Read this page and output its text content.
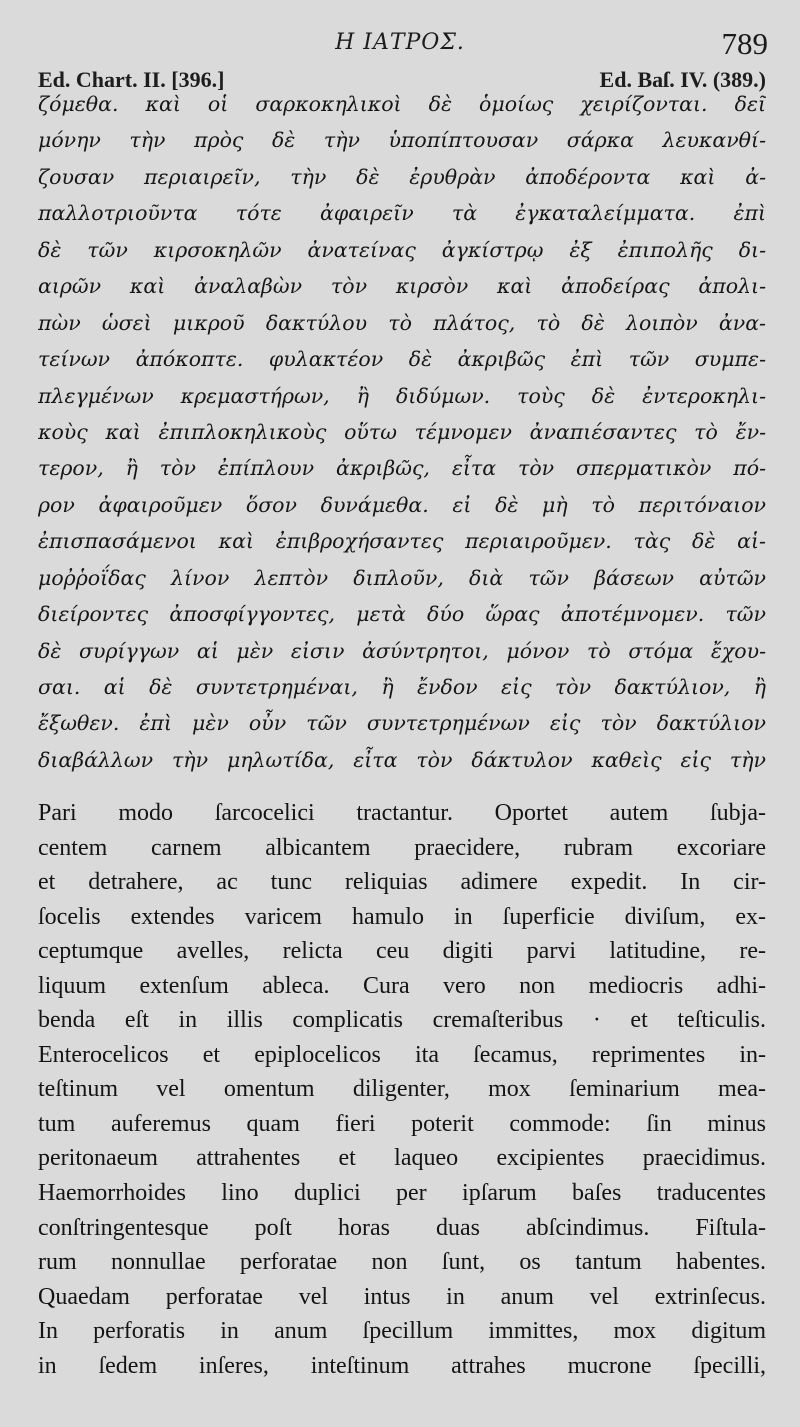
Η ΙΑΤΡΟΣ.	789
Ed. Chart. II. [396.]	Ed. Baſ. IV. (389.)
ζόμεθα. καὶ οἱ σαρκοκηλικοὶ δὲ ὁμοίως χειρίζονται. δεῖ
μόνην τὴν πρὸς δὲ τὴν ὑποπίπτουσαν σάρκα λευκανθί-
ζουσαν περιαιρεῖν, τὴν δὲ ἐρυθρὰν ἀποδέροντα καὶ ἀ-
παλλοτριοῦντα τότε ἀφαιρεῖν τὰ ἐγκαταλείμματα. ἐπὶ
δὲ τῶν κιρσοκηλῶν ἀνατείνας ἀγκίστρῳ ἐξ ἐπιπολῆς δι-
αιρῶν καὶ ἀναλαβὼν τὸν κιρσὸν καὶ ἀποδείρας ἀπολι-
πὼν ὡσεὶ μικροῦ δακτύλου τὸ πλάτος, τὸ δὲ λοιπὸν ἀνα-
τείνων ἀπόκοπτε. φυλακτέον δὲ ἀκριβῶς ἐπὶ τῶν συμπε-
πλεγμένων κρεμαστήρων, ἢ διδύμων. τοὺς δὲ ἐντεροκηλι-
κοὺς καὶ ἐπιπλοκηλικοὺς οὕτω τέμνομεν ἀναπιέσαντες τὸ ἔν-
τερον, ἢ τὸν ἐπίπλουν ἀκριβῶς, εἶτα τὸν σπερματικὸν πό-
ρον ἀφαιροῦμεν ὅσον δυνάμεθα. εἰ δὲ μὴ τὸ περιτόναιον
ἐπισπασάμενοι καὶ ἐπιβροχήσαντες περιαιροῦμεν. τὰς δὲ αἱ-
μοῤῥοΐδας λίνον λεπτὸν διπλοῦν, διὰ τῶν βάσεων αὐτῶν
διείροντες ἀποσφίγγοντες, μετὰ δύο ὥρας ἀποτέμνομεν. τῶν
δὲ συρίγγων αἱ μὲν εἰσιν ἀσύντρητοι, μόνον τὸ στόμα ἔχου-
σαι. αἱ δὲ συντετρημέναι, ἢ ἔνδον εἰς τὸν δακτύλιον, ἢ
ἔξωθεν. ἐπὶ μὲν οὖν τῶν συντετρημένων εἰς τὸν δακτύλιον
διαβάλλων τὴν μηλωτίδα, εἶτα τὸν δάκτυλον καθεὶς εἰς τὴν
Pari modo ſarcocelici tractantur. Oportet autem ſubja-
centem carnem albicantem praecidere, rubram excoriare
et detrahere, ac tunc reliquias adimere expedit. In cir-
ſocelis extendes varicem hamulo in ſuperficie diviſum, ex-
ceptumque avelles, relicta ceu digiti parvi latitudine, re-
liquum extenſum ableca. Cura vero non mediocris adhi-
benda eſt in illis complicatis cremaſteribus · et teſticulis.
Enterocelicos et epiplocelicos ita ſecamus, reprimentes in-
teſtinum vel omentum diligenter, mox ſeminarium mea-
tum auferemus quam fieri poterit commode: ſin minus
peritonaeum attrahentes et laqueo excipientes praecidimus.
Haemorrhoides lino duplici per ipſarum baſes traducentes
conſtringentesque poſt horas duas abſcindimus. Fiſtula-
rum nonnullae perforatae non ſunt, os tantum habentes.
Quaedam perforatae vel intus in anum vel extrinſecus.
In perforatis in anum ſpecillum immittes, mox digitum
in ſedem inſeres, inteſtinum attrahes mucrone ſpecilli,
